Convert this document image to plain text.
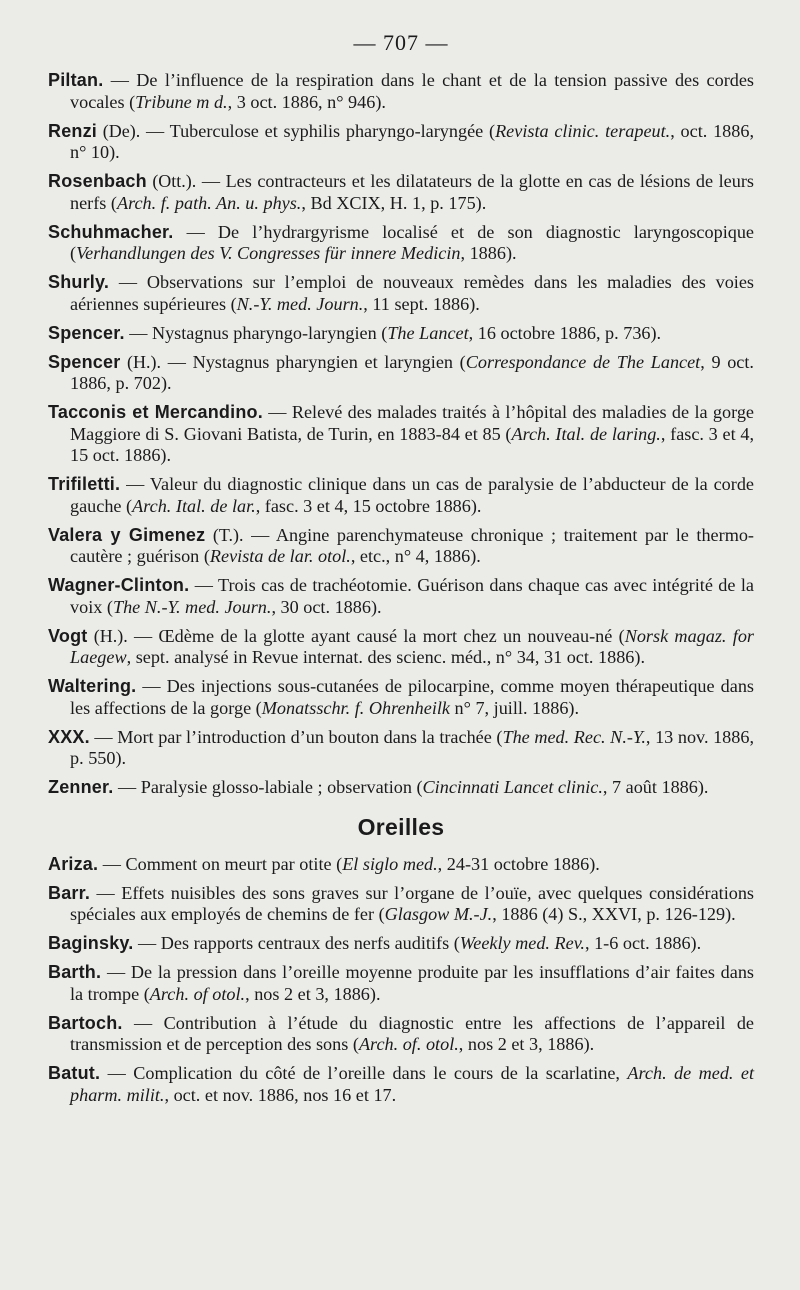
— 707 —

Piltan. — De l’influence de la respiration dans le chant et de la tension passive des cordes vocales (Tribune m d., 3 oct. 1886, n° 946).

Renzi (De). — Tuberculose et syphilis pharyngo-laryngée (Revista clinic. terapeut., oct. 1886, n° 10).

Rosenbach (Ott.). — Les contracteurs et les dilatateurs de la glotte en cas de lésions de leurs nerfs (Arch. f. path. An. u. phys., Bd XCIX, H. 1, p. 175).

Schuhmacher. — De l’hydrargyrisme localisé et de son diagnostic laryngoscopique (Verhandlungen des V. Congresses für innere Medicin, 1886).

Shurly. — Observations sur l’emploi de nouveaux remèdes dans les maladies des voies aériennes supérieures (N.-Y. med. Journ., 11 sept. 1886).

Spencer. — Nystagnus pharyngo-laryngien (The Lancet, 16 octobre 1886, p. 736).

Spencer (H.). — Nystagnus pharyngien et laryngien (Correspondance de The Lancet, 9 oct. 1886, p. 702).

Tacconis et Mercandino. — Relevé des malades traités à l’hôpital des maladies de la gorge Maggiore di S. Giovani Batista, de Turin, en 1883-84 et 85 (Arch. Ital. de laring., fasc. 3 et 4, 15 oct. 1886).

Trifiletti. — Valeur du diagnostic clinique dans un cas de paralysie de l’abducteur de la corde gauche (Arch. Ital. de lar., fasc. 3 et 4, 15 octobre 1886).

Valera y Gimenez (T.). — Angine parenchymateuse chronique ; traitement par le thermo-cautère ; guérison (Revista de lar. otol., etc., n° 4, 1886).

Wagner-Clinton. — Trois cas de trachéotomie. Guérison dans chaque cas avec intégrité de la voix (The N.-Y. med. Journ., 30 oct. 1886).

Vogt (H.). — Œdème de la glotte ayant causé la mort chez un nouveau-né (Norsk magaz. for Laegew, sept. analysé in Revue internat. des scienc. méd., n° 34, 31 oct. 1886).

Waltering. — Des injections sous-cutanées de pilocarpine, comme moyen thérapeutique dans les affections de la gorge (Monatsschr. f. Ohrenheilk n° 7, juill. 1886).

XXX. — Mort par l’introduction d’un bouton dans la trachée (The med. Rec. N.-Y., 13 nov. 1886, p. 550).

Zenner. — Paralysie glosso-labiale ; observation (Cincinnati Lancet clinic., 7 août 1886).

Oreilles

Ariza. — Comment on meurt par otite (El siglo med., 24-31 octobre 1886).

Barr. — Effets nuisibles des sons graves sur l’organe de l’ouïe, avec quelques considérations spéciales aux employés de chemins de fer (Glasgow M.-J., 1886 (4) S., XXVI, p. 126-129).

Baginsky. — Des rapports centraux des nerfs auditifs (Weekly med. Rev., 1-6 oct. 1886).

Barth. — De la pression dans l’oreille moyenne produite par les insufflations d’air faites dans la trompe (Arch. of otol., nos 2 et 3, 1886).

Bartoch. — Contribution à l’étude du diagnostic entre les affections de l’appareil de transmission et de perception des sons (Arch. of. otol., nos 2 et 3, 1886).

Batut. — Complication du côté de l’oreille dans le cours de la scarlatine, Arch. de med. et pharm. milit., oct. et nov. 1886, nos 16 et 17.
